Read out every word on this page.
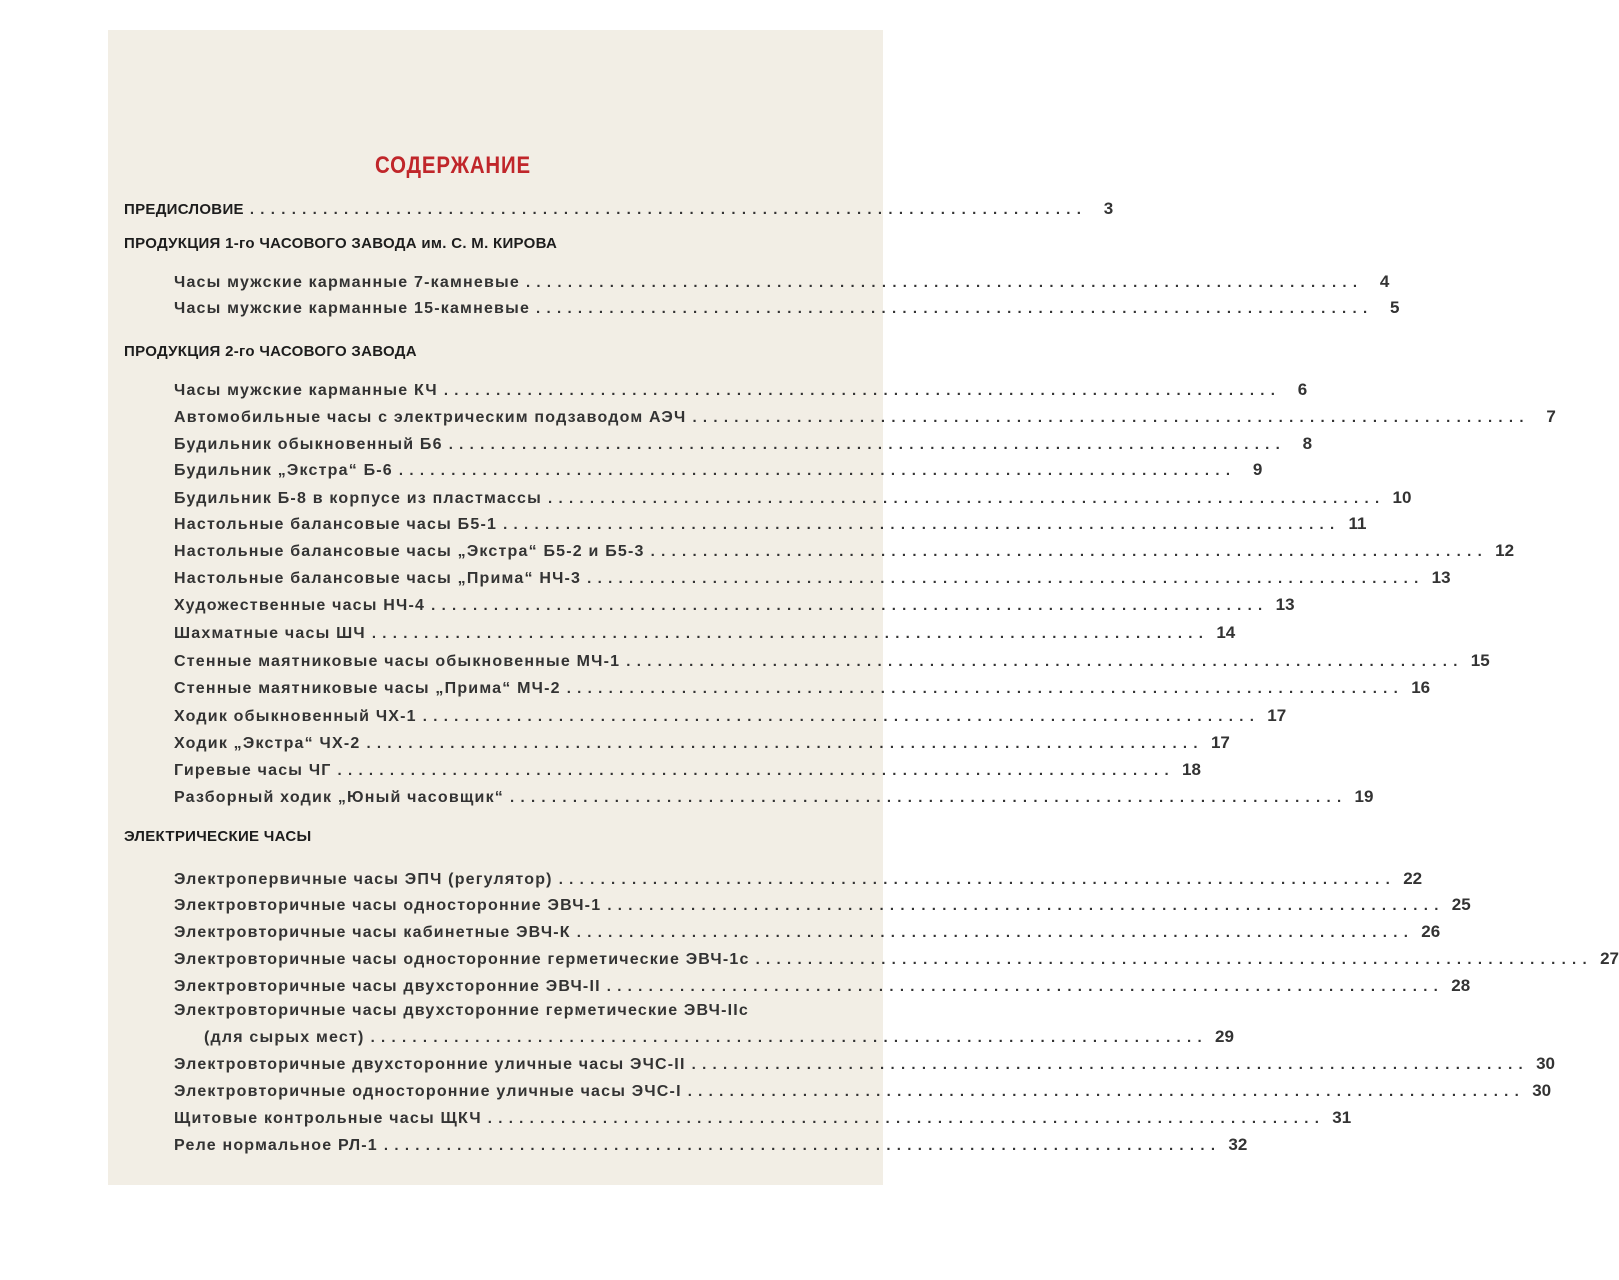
СОДЕРЖАНИЕ
ПРЕДИСЛОВИЕ ................................................................................ 3
ПРОДУКЦИЯ 1-го ЧАСОВОГО ЗАВОДА им. С. М. КИРОВА
Часы мужские карманные 7-камневые ................................................................................ 4
Часы мужские карманные 15-камневые ................................................................................ 5
ПРОДУКЦИЯ 2-го ЧАСОВОГО ЗАВОДА
Часы мужские карманные КЧ ................................................................................ 6
Автомобильные часы с электрическим подзаводом АЭЧ ................................................................................ 7
Будильник обыкновенный Б6 ................................................................................ 8
Будильник „Экстра“ Б-6 ................................................................................ 9
Будильник Б-8 в корпусе из пластмассы ................................................................................ 10
Настольные балансовые часы Б5-1 ................................................................................ 11
Настольные балансовые часы „Экстра“ Б5-2 и Б5-3 ................................................................................ 12
Настольные балансовые часы „Прима“ НЧ-3 ................................................................................ 13
Художественные часы НЧ-4 ................................................................................ 13
Шахматные часы ШЧ ................................................................................ 14
Стенные маятниковые часы обыкновенные МЧ-1 ................................................................................ 15
Стенные маятниковые часы „Прима“ МЧ-2 ................................................................................ 16
Ходик обыкновенный ЧХ-1 ................................................................................ 17
Ходик „Экстра“ ЧХ-2 ................................................................................ 17
Гиревые часы ЧГ ................................................................................ 18
Разборный ходик „Юный часовщик“ ................................................................................ 19
ЭЛЕКТРИЧЕСКИЕ ЧАСЫ
Электропервичные часы ЭПЧ (регулятор) ................................................................................ 22
Электровторичные часы односторонние ЭВЧ-1 ................................................................................ 25
Электровторичные часы кабинетные ЭВЧ-К ................................................................................ 26
Электровторичные часы односторонние герметические ЭВЧ-1с ................................................................................ 27
Электровторичные часы двухсторонние ЭВЧ-II ................................................................................ 28
Электровторичные часы двухсторонние герметические ЭВЧ-IIс
(для сырых мест) ................................................................................ 29
Электровторичные двухсторонние уличные часы ЭЧС-II ................................................................................ 30
Электровторичные односторонние уличные часы ЭЧС-I ................................................................................ 30
Щитовые контрольные часы ЩКЧ ................................................................................ 31
Реле нормальное РЛ-1 ................................................................................ 32
